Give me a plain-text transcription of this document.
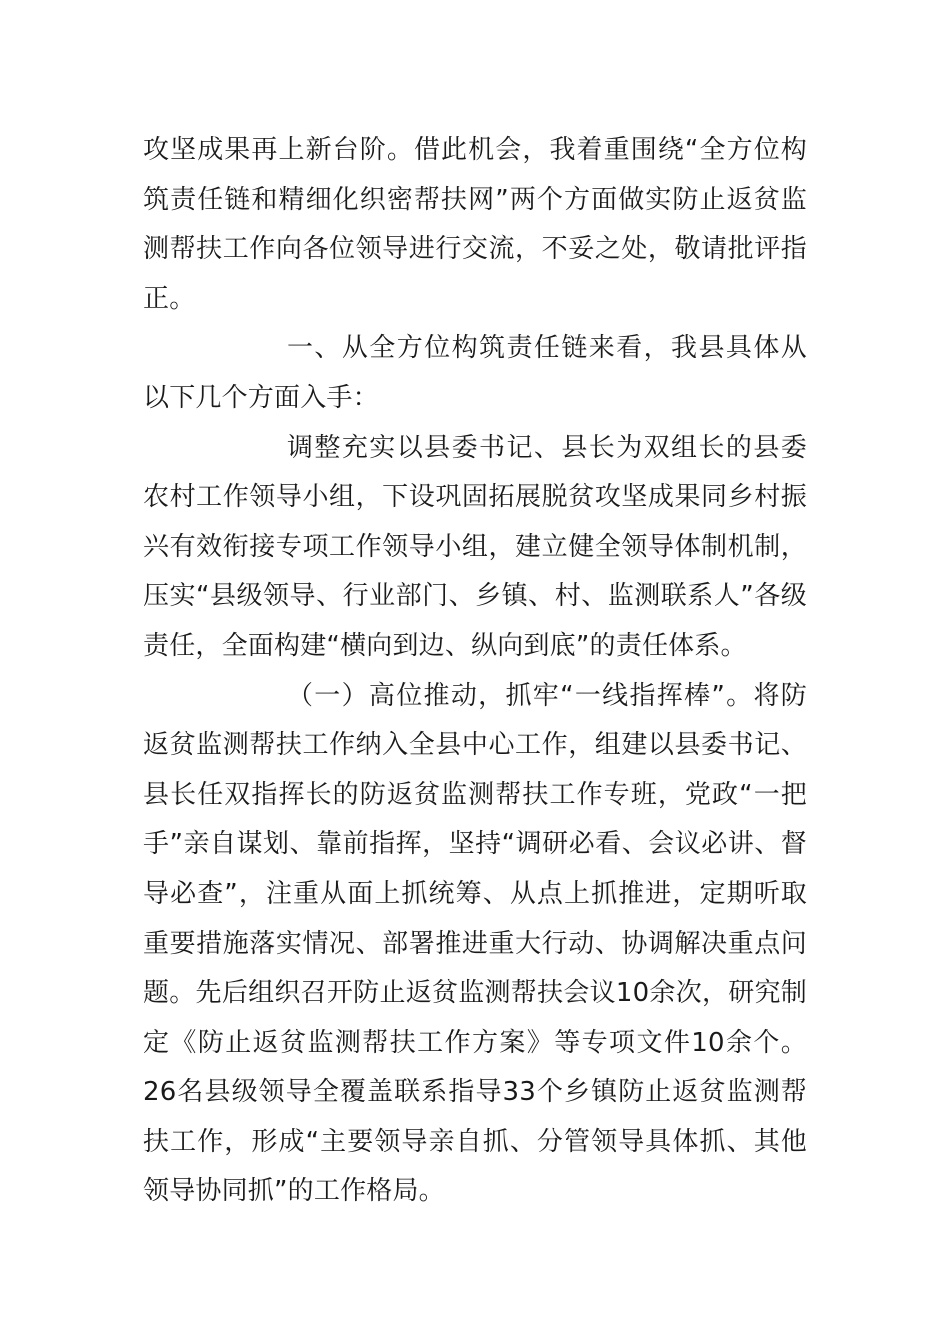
攻坚成果再上新台阶。借此机会，我着重围绕“全方位构筑责任链和精细化织密帮扶网”两个方面做实防止返贫监测帮扶工作向各位领导进行交流，不妥之处，敬请批评指正。

一、从全方位构筑责任链来看，我县具体从以下几个方面入手：

调整充实以县委书记、县长为双组长的县委农村工作领导小组，下设巩固拓展脱贫攻坚成果同乡村振兴有效衔接专项工作领导小组，建立健全领导体制机制，压实“县级领导、行业部门、乡镇、村、监测联系人”各级责任，全面构建“横向到边、纵向到底”的责任体系。

（一）高位推动，抓牢“一线指挥棒”。将防返贫监测帮扶工作纳入全县中心工作，组建以县委书记、县长任双指挥长的防返贫监测帮扶工作专班，党政“一把手”亲自谋划、靠前指挥，坚持“调研必看、会议必讲、督导必查”，注重从面上抓统筹、从点上抓推进，定期听取重要措施落实情况、部署推进重大行动、协调解决重点问题。先后组织召开防止返贫监测帮扶会议10余次，研究制定《防止返贫监测帮扶工作方案》等专项文件10余个。26名县级领导全覆盖联系指导33个乡镇防止返贫监测帮扶工作，形成“主要领导亲自抓、分管领导具体抓、其他领导协同抓”的工作格局。
